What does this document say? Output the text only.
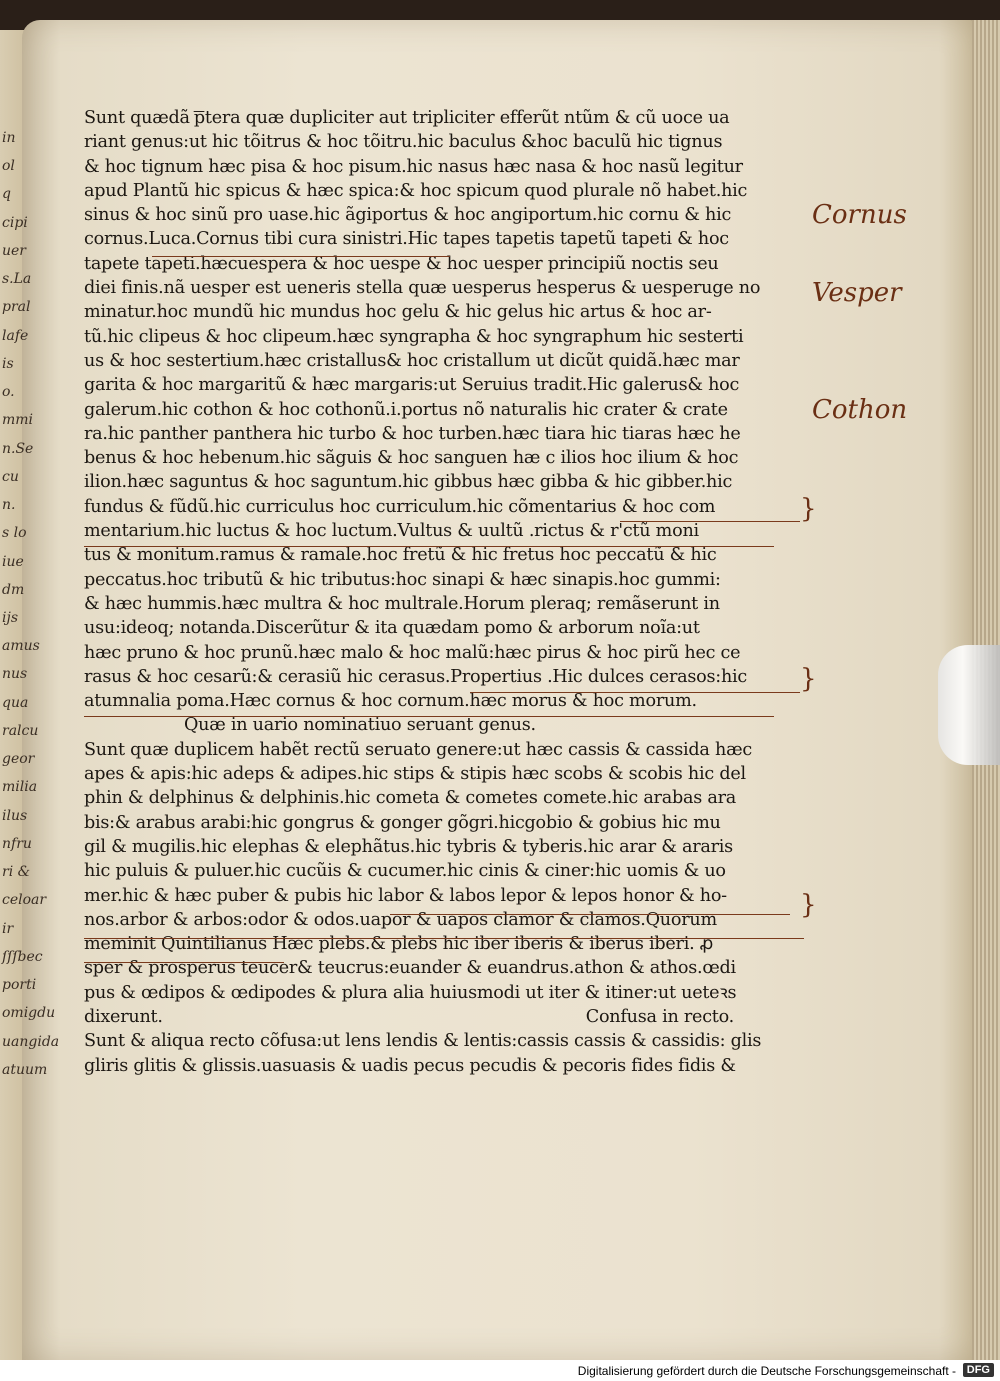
in
ol
q
cipi
uer
s.La
pral
lafe
is
o.
mmi
n.Se
cu
n.
s lo
iue
dm
ijs
amus
nus
qua
ralcu
geor
milia
ilus
nfru
ri &
celoar
ir
ſſſbec
porti
omigdu
uangida
atuum
Sunt quædã ͞ptera quæ dupliciter aut tripliciter efferũt ntũm & cũ uoce ua
riant genus:ut hic tõitrus & hoc tõitru.hic baculus &hoc baculũ hic tignus
& hoc tignum hæc pisa & hoc pisum.hic nasus hæc nasa & hoc nasũ legitur
apud Plantũ hic spicus & hæc spica:& hoc spicum quod plurale nõ habet.hic
sinus & hoc sinũ pro uase.hic ãgiportus & hoc angiportum.hic cornu & hic
cornus.Luca.Cornus tibi cura sinistri.Hic tapes tapetis tapetũ tapeti & hoc
tapete tapeti.hæcuespera & hoc uespe & hoc uesper principiũ noctis seu
diei finis.nã uesper est ueneris stella quæ uesperus hesperus & uesperuge no
minatur.hoc mundũ hic mundus hoc gelu & hic gelus hic artus & hoc ar-
tũ.hic clipeus & hoc clipeum.hæc syngrapha & hoc syngraphum hic sesterti
us & hoc sestertium.hæc cristallus& hoc cristallum ut dicũt quidã.hæc mar
garita & hoc margaritũ & hæc margaris:ut Seruius tradit.Hic galerus& hoc
galerum.hic cothon & hoc cothonũ.i.portus nõ naturalis hic crater & crate
ra.hic panther panthera hic turbo & hoc turben.hæc tiara hic tiaras hæc he
benus & hoc hebenum.hic sãguis & hoc sanguen hæ c ilios hoc ilium & hoc
ilion.hæc saguntus & hoc saguntum.hic gibbus hæc gibba & hic gibber.hic
fundus & fũdũ.hic curriculus hoc curriculum.hic cõmentarius & hoc com
mentarium.hic luctus & hoc luctum.Vultus & uultũ .rictus & r'ctũ moni
tus & monitum.ramus & ramale.hoc fretũ & hic fretus hoc peccatũ & hic
peccatus.hoc tributũ & hic tributus:hoc sinapi & hæc sinapis.hoc gummi:
& hæc hummis.hæc multra & hoc multrale.Horum pleraq; remãserunt in
usu:ideoq; notanda.Discerũtur & ita quædam pomo & arborum noĩa:ut
hæc pruno & hoc prunũ.hæc malo & hoc malũ:hæc pirus & hoc pirũ hec ce
rasus & hoc cesarũ:& cerasiũ hic cerasus.Propertius .Hic dulces cerasos:hic
atumnalia poma.Hæc cornus & hoc cornum.hæc morus & hoc morum.
Quæ in uario nominatiuo seruant genus.
Sunt quæ duplicem habẽt rectũ seruato genere:ut hæc cassis & cassida hæc
apes & apis:hic adeps & adipes.hic stips & stipis hæc scobs & scobis hic del
phin & delphinus & delphinis.hic cometa & cometes comete.hic arabas ara
bis:& arabus arabi:hic gongrus & gonger gõgri.hicgobio & gobius hic mu
gil & mugilis.hic elephas & elephãtus.hic tybris & tyberis.hic arar & araris
hic puluis & puluer.hic cucũis & cucumer.hic cinis & ciner:hic uomis & uo
mer.hic & hæc puber & pubis hic labor & labos lepor & lepos honor & ho-
nos.arbor & arbos:odor & odos.uapor & uapos clamor & clamos.Quorum
meminit Quintilianus Hæc plebs.& plebs hic iber iberis & iberus iberi. ꝓ
sper & prosperus teucer& teucrus:euander & euandrus.athon & athos.œdi
pus & œdipos & œdipodes & plura alia huiusmodi ut iter & itiner:ut ueteꝛs
dixerunt.	Confusa in recto.
Sunt & aliqua recto cõfusa:ut lens lendis & lentis:cassis cassis & cassidis: glis
gliris glitis & glissis.uasuasis & uadis pecus pecudis & pecoris fides fidis &
}
}
}
Cornus
Vesper
Cothon
Digitalisierung gefördert durch die Deutsche Forschungsgemeinschaft - DFG
